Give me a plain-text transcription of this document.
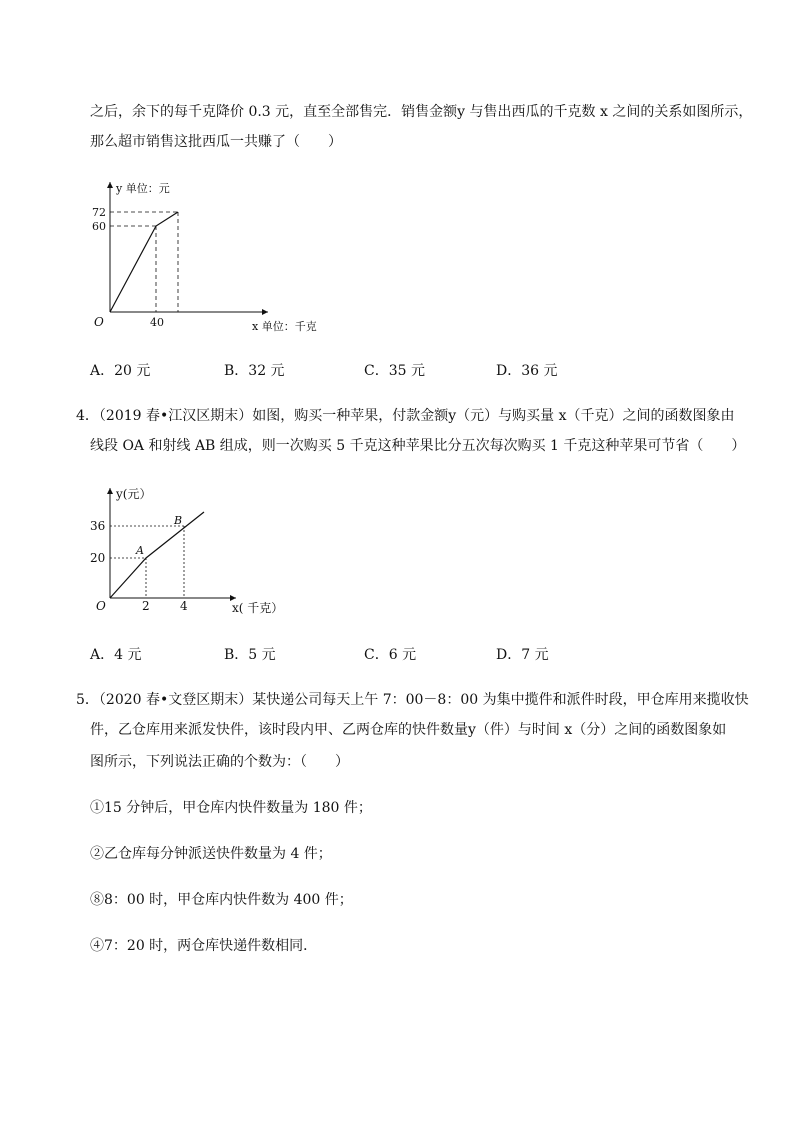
之后，余下的每千克降价 0.3 元，直至全部售完．销售金额y 与售出西瓜的千克数 x 之间的关系如图所示，
那么超市销售这批西瓜一共赚了（　　）
y 单位：元
72
60
O	40	x 单位：千克
A．20 元	B．32 元	C．35 元	D．36 元
4．（2019 春•江汉区期末）如图，购买一种苹果，付款金额y（元）与购买量 x（千克）之间的函数图象由
线段 OA 和射线 AB 组成，则一次购买 5 千克这种苹果比分五次每次购买 1 千克这种苹果可节省（　　）
y(元）
36
20
O	2	4
A
B
x( 千克）
A．4 元	B．5 元	C．6 元	D．7 元
5．（2020 春•文登区期末）某快递公司每天上午 7：00－8：00 为集中揽件和派件时段，甲仓库用来揽收快
件，乙仓库用来派发快件，该时段内甲、乙两仓库的快件数量y（件）与时间 x（分）之间的函数图象如
图所示，下列说法正确的个数为：（　　）
①15 分钟后，甲仓库内快件数量为 180 件；
②乙仓库每分钟派送快件数量为 4 件；
⑧8：00 时，甲仓库内快件数为 400 件；
④7：20 时，两仓库快递件数相同．
